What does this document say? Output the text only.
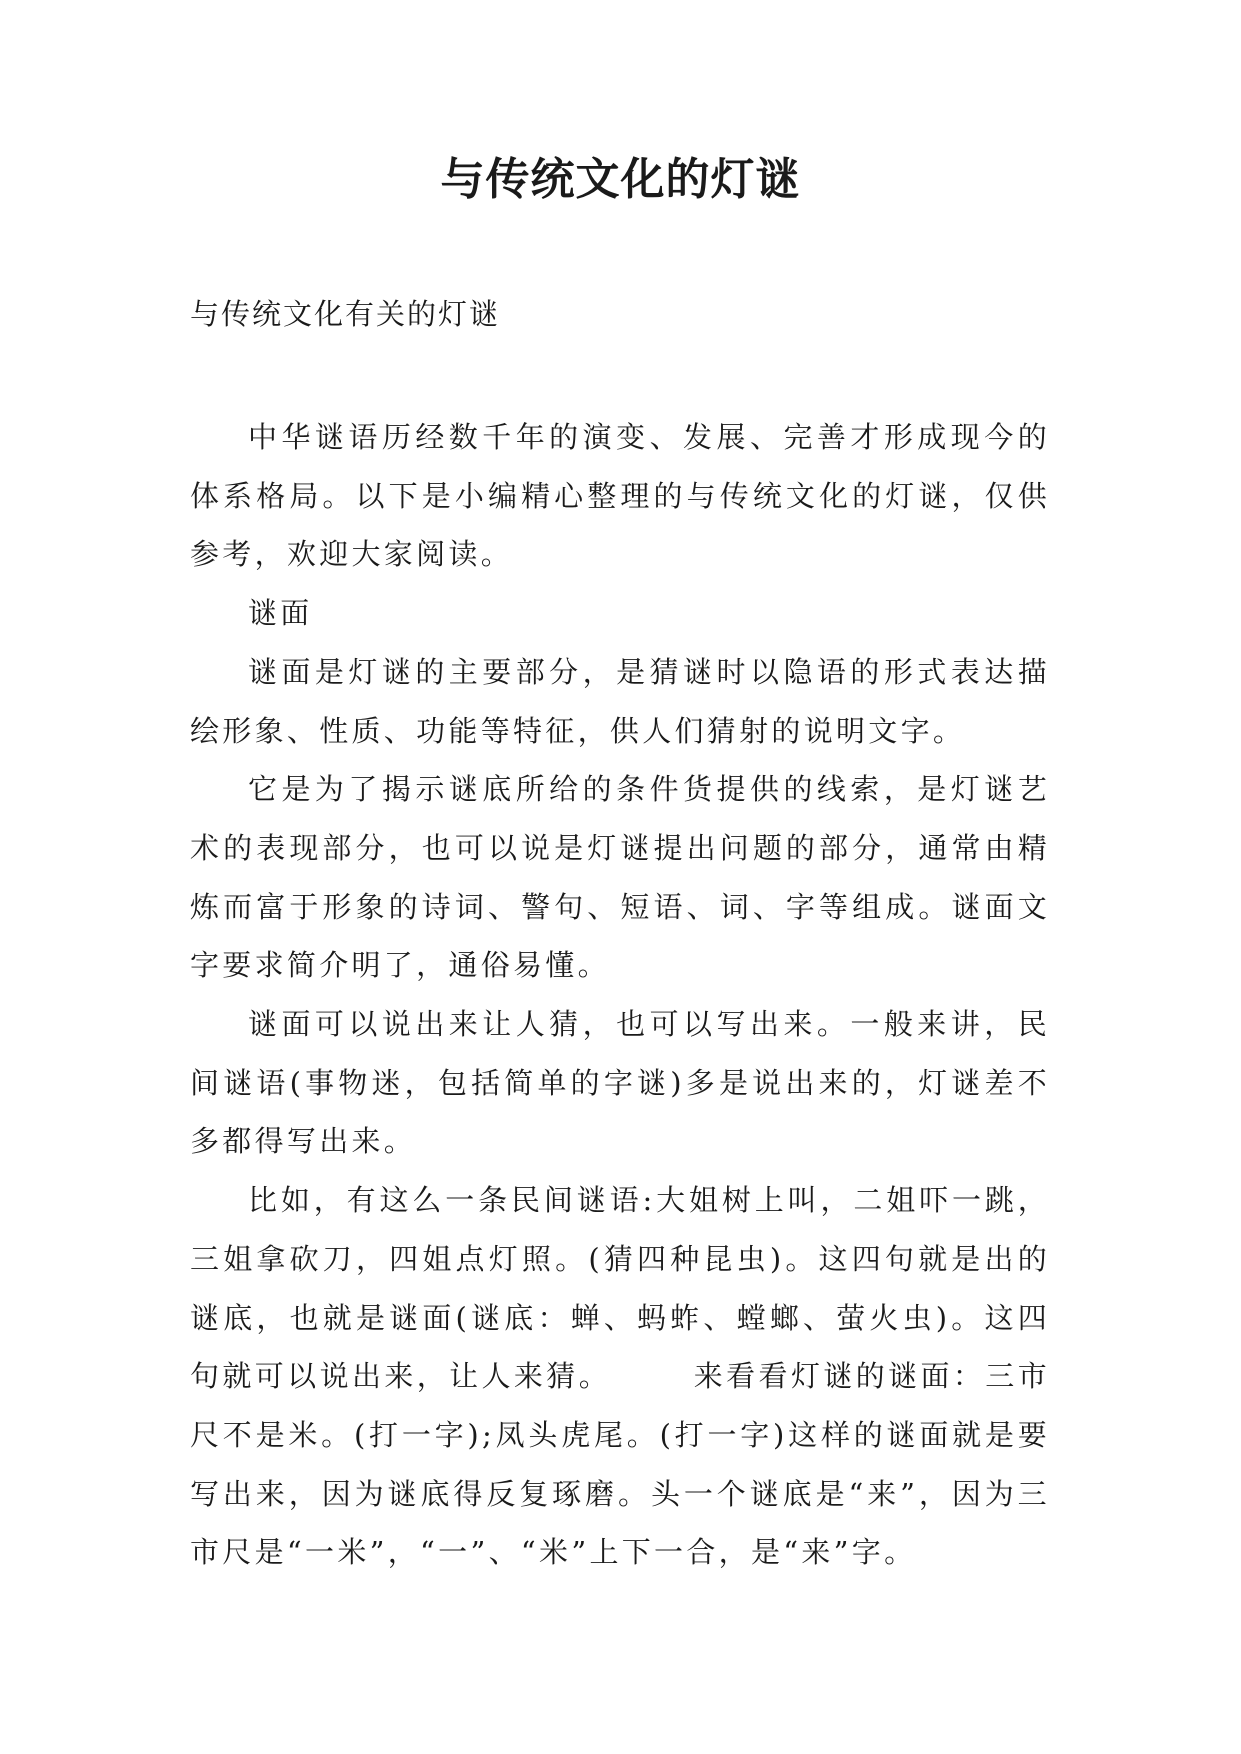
与传统文化的灯谜
与传统文化有关的灯谜

中华谜语历经数千年的演变、发展、完善才形成现今的体系格局。以下是小编精心整理的与传统文化的灯谜，仅供参考，欢迎大家阅读。

谜面

谜面是灯谜的主要部分，是猜谜时以隐语的形式表达描绘形象、性质、功能等特征，供人们猜射的说明文字。

它是为了揭示谜底所给的条件货提供的线索，是灯谜艺术的表现部分，也可以说是灯谜提出问题的部分，通常由精炼而富于形象的诗词、警句、短语、词、字等组成。谜面文字要求简介明了，通俗易懂。

谜面可以说出来让人猜，也可以写出来。一般来讲，民间谜语(事物迷，包括简单的字谜)多是说出来的，灯谜差不多都得写出来。

比如，有这么一条民间谜语:大姐树上叫，二姐吓一跳，三姐拿砍刀，四姐点灯照。(猜四种昆虫)。这四句就是出的谜底，也就是谜面(谜底：蝉、蚂蚱、螳螂、萤火虫)。这四句就可以说出来，让人来猜。　　　来看看灯谜的谜面：三市尺不是米。(打一字);凤头虎尾。(打一字)这样的谜面就是要写出来，因为谜底得反复琢磨。头一个谜底是“来”，因为三市尺是“一米”，“一”、“米”上下一合，是“来”字。
